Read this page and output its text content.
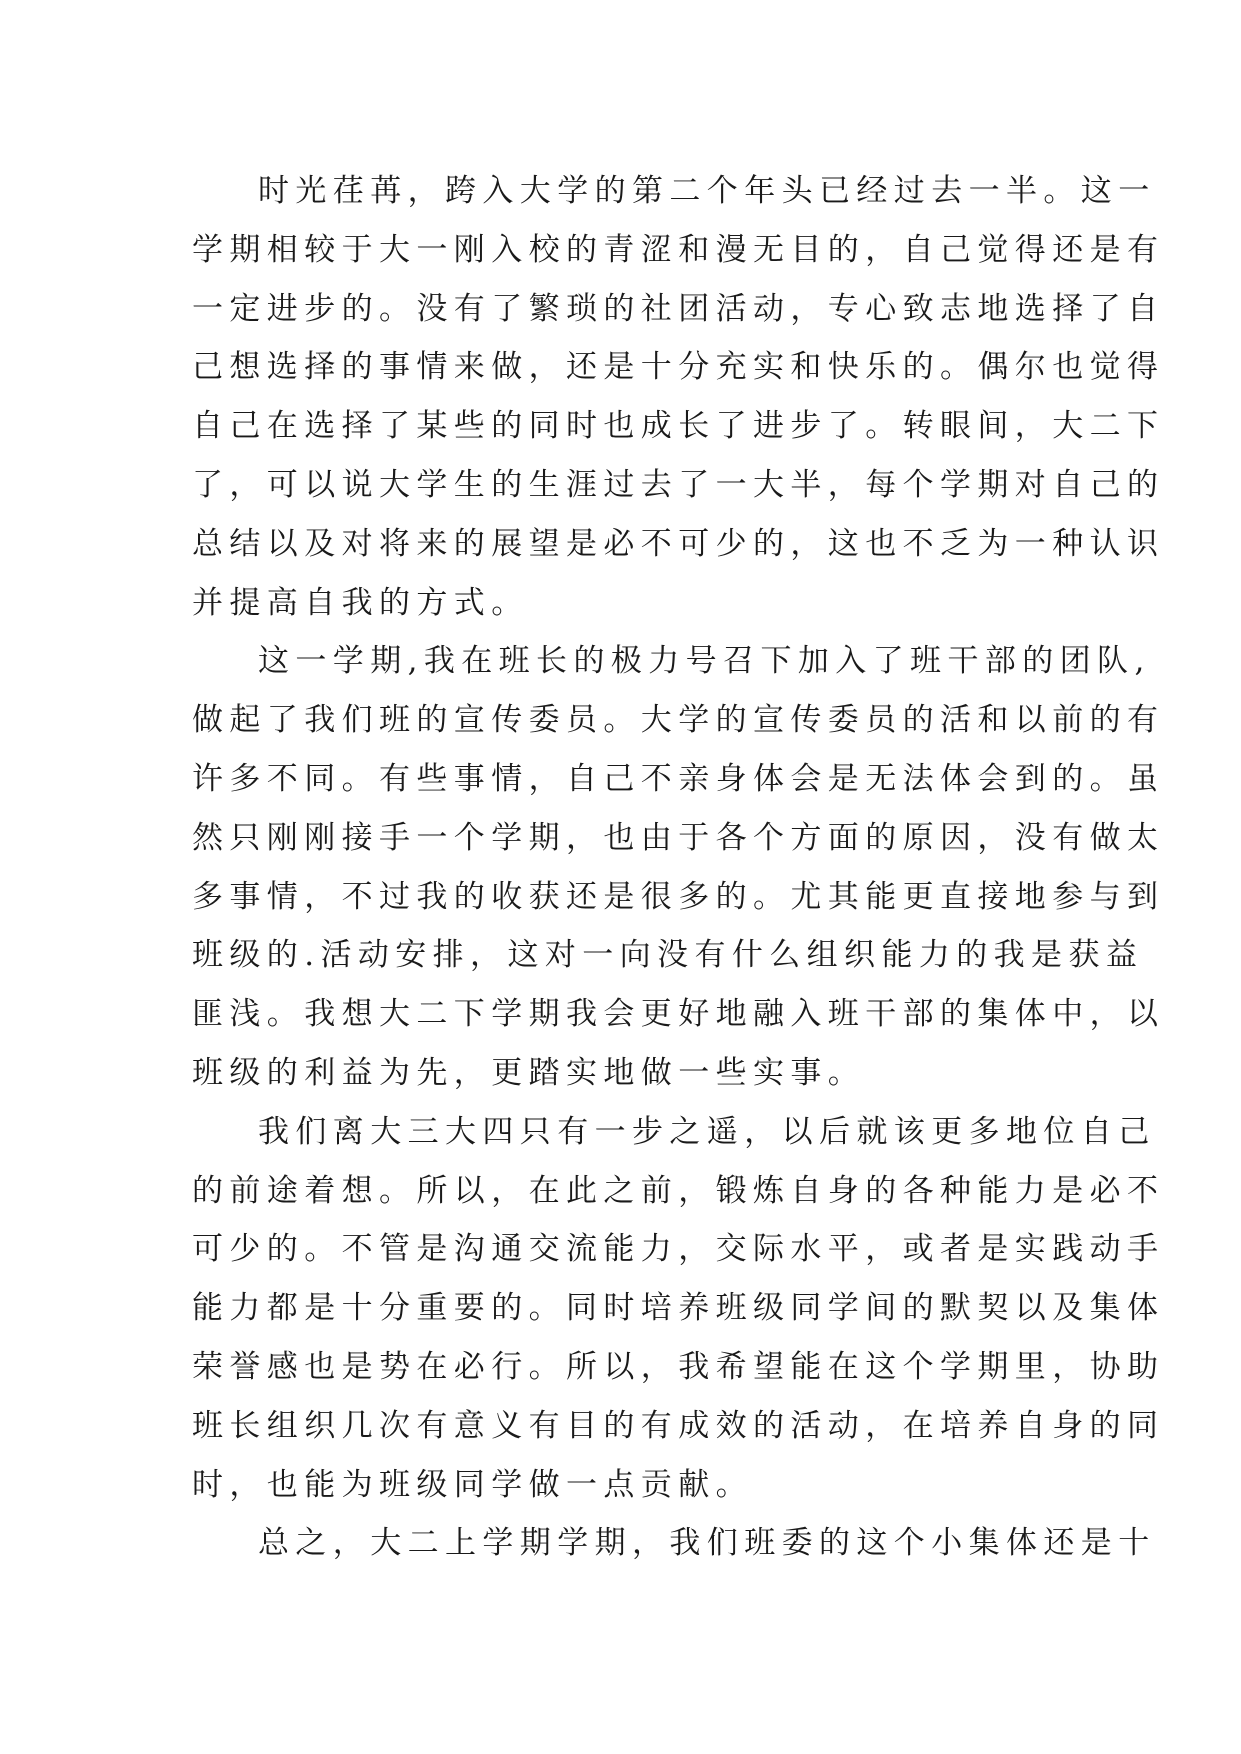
时光荏苒，跨入大学的第二个年头已经过去一半。这一
学期相较于大一刚入校的青涩和漫无目的，自己觉得还是有
一定进步的。没有了繁琐的社团活动，专心致志地选择了自
己想选择的事情来做，还是十分充实和快乐的。偶尔也觉得
自己在选择了某些的同时也成长了进步了。转眼间，大二下
了，可以说大学生的生涯过去了一大半，每个学期对自己的
总结以及对将来的展望是必不可少的，这也不乏为一种认识
并提高自我的方式。
这一学期,我在班长的极力号召下加入了班干部的团队,
做起了我们班的宣传委员。大学的宣传委员的活和以前的有
许多不同。有些事情，自己不亲身体会是无法体会到的。虽
然只刚刚接手一个学期，也由于各个方面的原因，没有做太
多事情，不过我的收获还是很多的。尤其能更直接地参与到
班级的.活动安排，这对一向没有什么组织能力的我是获益
匪浅。我想大二下学期我会更好地融入班干部的集体中，以
班级的利益为先，更踏实地做一些实事。
我们离大三大四只有一步之遥，以后就该更多地位自己
的前途着想。所以，在此之前，锻炼自身的各种能力是必不
可少的。不管是沟通交流能力，交际水平，或者是实践动手
能力都是十分重要的。同时培养班级同学间的默契以及集体
荣誉感也是势在必行。所以，我希望能在这个学期里，协助
班长组织几次有意义有目的有成效的活动，在培养自身的同
时，也能为班级同学做一点贡献。
总之，大二上学期学期，我们班委的这个小集体还是十
